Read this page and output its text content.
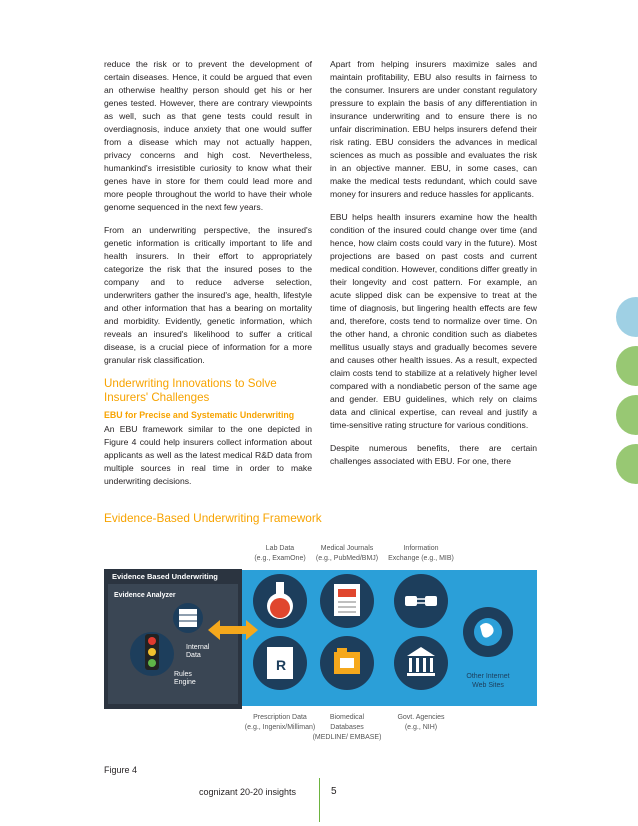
reduce the risk or to prevent the development of certain diseases. Hence, it could be argued that even an otherwise healthy person should get his or her genes tested. However, there are contrary viewpoints as well, such as that gene tests could result in overdiagnosis, induce anxiety that one would suffer from a disease which may not actually happen, privacy concerns and high cost. Nevertheless, humankind's irresistible curiosity to know what their genes have in store for them could lead more and more people throughout the world to have their whole genome sequenced in the next few years.

From an underwriting perspective, the insured's genetic information is critically important to life and health insurers. In their effort to appropriately categorize the risk that the insured poses to the company and to reduce adverse selection, underwriters gather the insured's age, health, lifestyle and other information that has a bearing on mortality and morbidity. Evidently, genetic information, which reveals an insured's likelihood to suffer a critical disease, is a crucial piece of information for a more granular risk classification.

Underwriting Innovations to Solve Insurers' Challenges
EBU for Precise and Systematic Underwriting

An EBU framework similar to the one depicted in Figure 4 could help insurers collect information about applicants as well as the latest medical R&D data from multiple sources in real time in order to make underwriting decisions.

Apart from helping insurers maximize sales and maintain profitability, EBU also results in fairness to the consumer. Insurers are under constant regulatory pressure to explain the basis of any differentiation in insurance underwriting and to ensure there is no unfair discrimination. EBU helps insurers defend their risk rating. EBU considers the advances in medical sciences as much as possible and evaluates the risk in an objective manner. EBU, in some cases, can make the medical tests redundant, which could save money for insurers and reduce hassles for applicants.

EBU helps health insurers examine how the health condition of the insured could change over time (and hence, how claim costs could vary in the future). Most projections are based on past costs and current medical condition. However, conditions differ greatly in their longevity and cost pattern. For example, an acute slipped disk can be expensive to treat at the time of diagnosis, but lingering health effects are few and, therefore, costs tend to normalize over time. On the other hand, a chronic condition such as diabetes mellitus usually stays and gradually becomes severe and causes other health issues. As a result, expected claim costs tend to stabilize at a relatively higher level compared with a nondiabetic person of the same age and gender. EBU guidelines, which rely on claims data and clinical expertise, can reveal and justify a time-sensitive rating structure for various conditions.

Despite numerous benefits, there are certain challenges associated with EBU. For one, there

Evidence-Based Underwriting Framework
Lab Data
(e.g., ExamOne)
Medical Journals
(e.g., PubMed/BMJ)
Information
Exchange (e.g., MIB)
Evidence Based Underwriting
Evidence Analyzer
Internal
Data
Rules
Engine
R
Other Internet
Web Sites
Prescription Data
(e.g., Ingenix/Milliman)
Biomedical
Databases
(MEDLINE/ EMBASE)
Govt. Agencies
(e.g., NIH)
Figure 4
cognizant 20-20 insights	5
